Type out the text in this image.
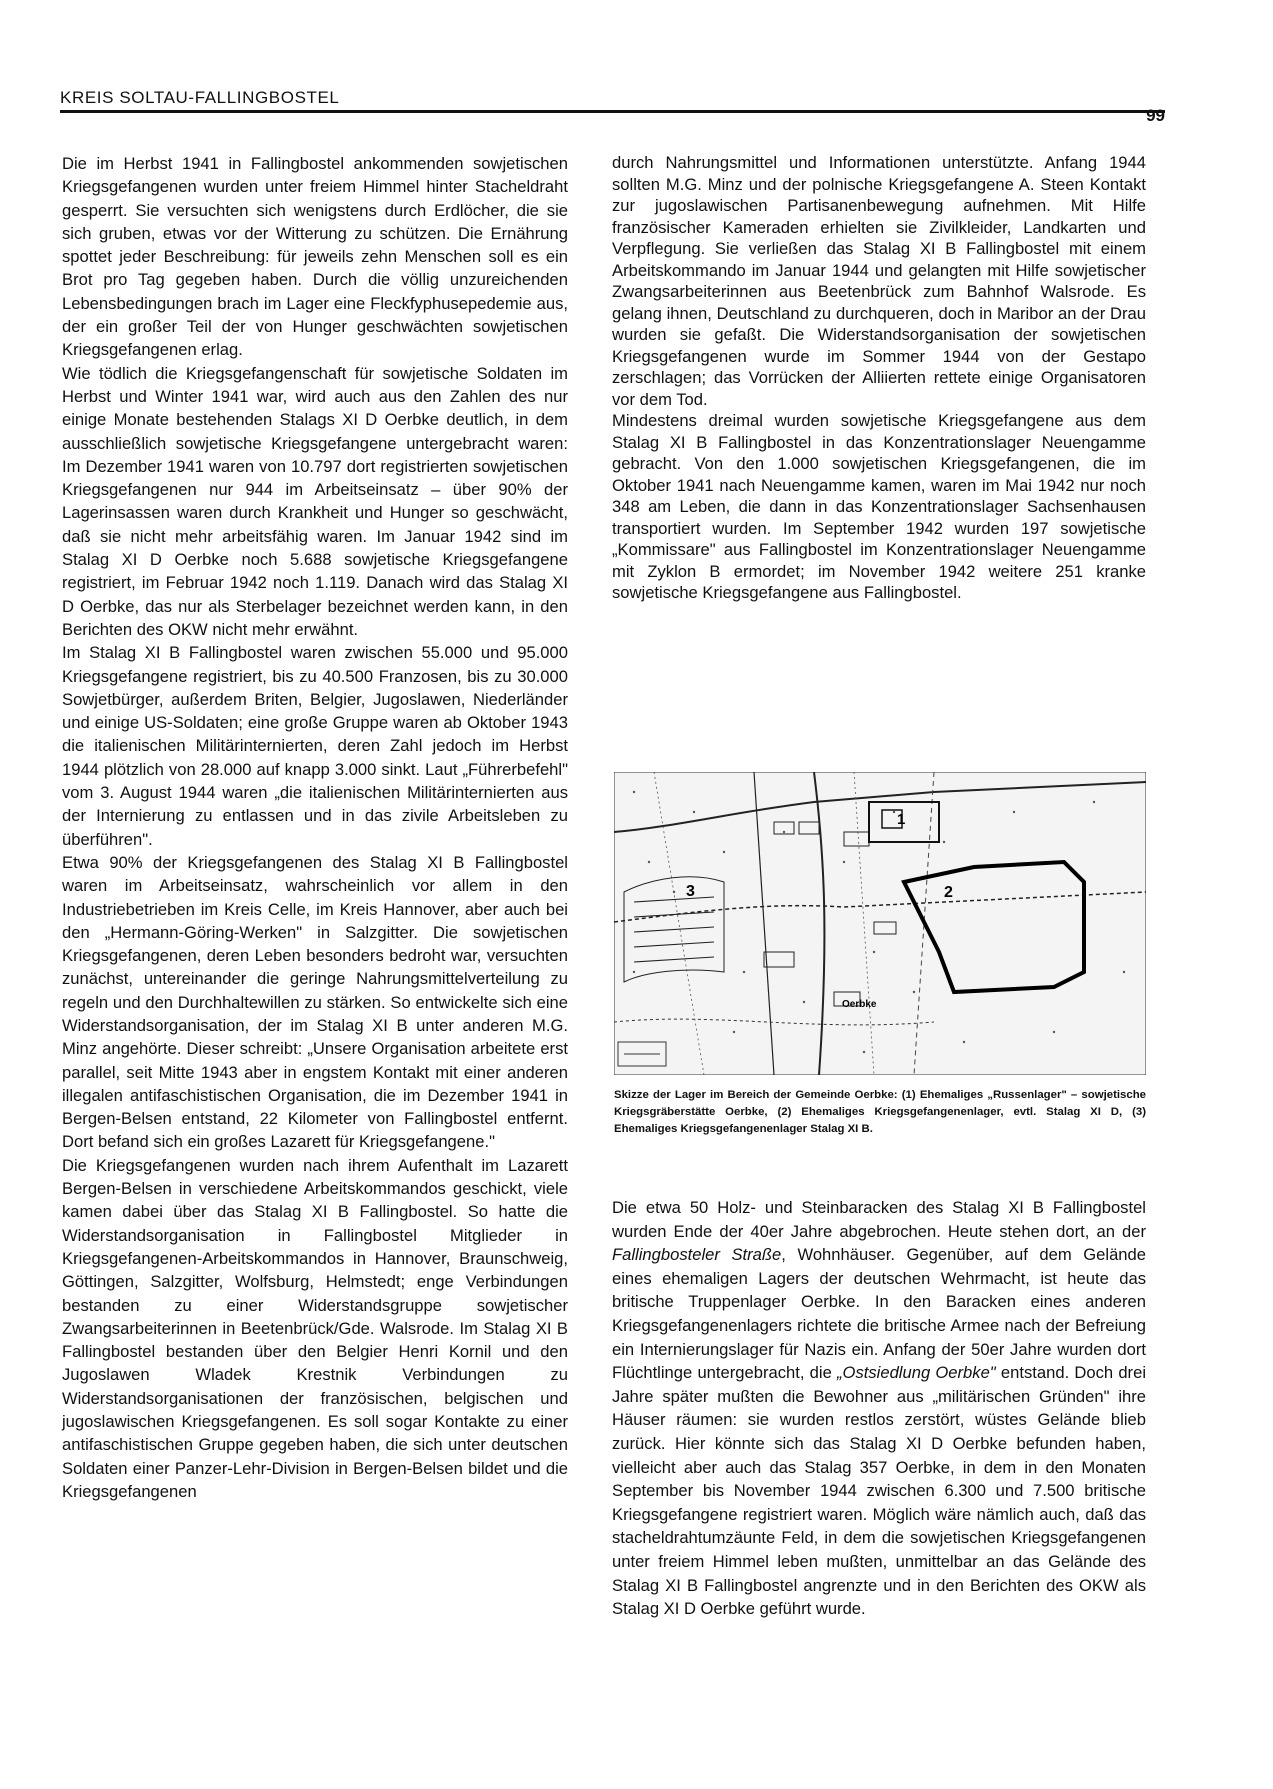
KREIS SOLTAU-FALLINGBOSTEL
99

Die im Herbst 1941 in Fallingbostel ankommenden sowjetischen Kriegsgefangenen wurden unter freiem Himmel hinter Stacheldraht gesperrt. Sie versuchten sich wenigstens durch Erdlöcher, die sie sich gruben, etwas vor der Witterung zu schützen. Die Ernährung spottet jeder Beschreibung: für jeweils zehn Menschen soll es ein Brot pro Tag gegeben haben. Durch die völlig unzureichenden Lebensbedingungen brach im Lager eine Fleckfyphusepedemie aus, der ein großer Teil der von Hunger geschwächten sowjetischen Kriegsgefangenen erlag.

Wie tödlich die Kriegsgefangenschaft für sowjetische Soldaten im Herbst und Winter 1941 war, wird auch aus den Zahlen des nur einige Monate bestehenden Stalags XI D Oerbke deutlich, in dem ausschließlich sowjetische Kriegsgefangene untergebracht waren: Im Dezember 1941 waren von 10.797 dort registrierten sowjetischen Kriegsgefangenen nur 944 im Arbeitseinsatz – über 90% der Lagerinsassen waren durch Krankheit und Hunger so geschwächt, daß sie nicht mehr arbeitsfähig waren. Im Januar 1942 sind im Stalag XI D Oerbke noch 5.688 sowjetische Kriegsgefangene registriert, im Februar 1942 noch 1.119. Danach wird das Stalag XI D Oerbke, das nur als Sterbelager bezeichnet werden kann, in den Berichten des OKW nicht mehr erwähnt.

Im Stalag XI B Fallingbostel waren zwischen 55.000 und 95.000 Kriegsgefangene registriert, bis zu 40.500 Franzosen, bis zu 30.000 Sowjetbürger, außerdem Briten, Belgier, Jugoslawen, Niederländer und einige US-Soldaten; eine große Gruppe waren ab Oktober 1943 die italienischen Militärinternierten, deren Zahl jedoch im Herbst 1944 plötzlich von 28.000 auf knapp 3.000 sinkt. Laut „Führerbefehl" vom 3. August 1944 waren „die italienischen Militärinternierten aus der Internierung zu entlassen und in das zivile Arbeitsleben zu überführen".

Etwa 90% der Kriegsgefangenen des Stalag XI B Fallingbostel waren im Arbeitseinsatz, wahrscheinlich vor allem in den Industriebetrieben im Kreis Celle, im Kreis Hannover, aber auch bei den „Hermann-Göring-Werken" in Salzgitter. Die sowjetischen Kriegsgefangenen, deren Leben besonders bedroht war, versuchten zunächst, untereinander die geringe Nahrungsmittelverteilung zu regeln und den Durchhaltewillen zu stärken. So entwickelte sich eine Widerstandsorganisation, der im Stalag XI B unter anderen M.G. Minz angehörte. Dieser schreibt: „Unsere Organisation arbeitete erst parallel, seit Mitte 1943 aber in engstem Kontakt mit einer anderen illegalen antifaschistischen Organisation, die im Dezember 1941 in Bergen-Belsen entstand, 22 Kilometer von Fallingbostel entfernt. Dort befand sich ein großes Lazarett für Kriegsgefangene."

Die Kriegsgefangenen wurden nach ihrem Aufenthalt im Lazarett Bergen-Belsen in verschiedene Arbeitskommandos geschickt, viele kamen dabei über das Stalag XI B Fallingbostel. So hatte die Widerstandsorganisation in Fallingbostel Mitglieder in Kriegsgefangenen-Arbeitskommandos in Hannover, Braunschweig, Göttingen, Salzgitter, Wolfsburg, Helmstedt; enge Verbindungen bestanden zu einer Widerstandsgruppe sowjetischer Zwangsarbeiterinnen in Beetenbrück/Gde. Walsrode. Im Stalag XI B Fallingbostel bestanden über den Belgier Henri Kornil und den Jugoslawen Wladek Krestnik Verbindungen zu Widerstandsorganisationen der französischen, belgischen und jugoslawischen Kriegsgefangenen. Es soll sogar Kontakte zu einer antifaschistischen Gruppe gegeben haben, die sich unter deutschen Soldaten einer Panzer-Lehr-Division in Bergen-Belsen bildet und die Kriegsgefangenen

durch Nahrungsmittel und Informationen unterstützte. Anfang 1944 sollten M.G. Minz und der polnische Kriegsgefangene A. Steen Kontakt zur jugoslawischen Partisanenbewegung aufnehmen. Mit Hilfe französischer Kameraden erhielten sie Zivilkleider, Landkarten und Verpflegung. Sie verließen das Stalag XI B Fallingbostel mit einem Arbeitskommando im Januar 1944 und gelangten mit Hilfe sowjetischer Zwangsarbeiterinnen aus Beetenbrück zum Bahnhof Walsrode. Es gelang ihnen, Deutschland zu durchqueren, doch in Maribor an der Drau wurden sie gefaßt. Die Widerstandsorganisation der sowjetischen Kriegsgefangenen wurde im Sommer 1944 von der Gestapo zerschlagen; das Vorrücken der Alliierten rettete einige Organisatoren vor dem Tod.

Mindestens dreimal wurden sowjetische Kriegsgefangene aus dem Stalag XI B Fallingbostel in das Konzentrationslager Neuengamme gebracht. Von den 1.000 sowjetischen Kriegsgefangenen, die im Oktober 1941 nach Neuengamme kamen, waren im Mai 1942 nur noch 348 am Leben, die dann in das Konzentrationslager Sachsenhausen transportiert wurden. Im September 1942 wurden 197 sowjetische „Kommissare" aus Fallingbostel im Konzentrationslager Neuengamme mit Zyklon B ermordet; im November 1942 weitere 251 kranke sowjetische Kriegsgefangene aus Fallingbostel.

1
2
3
Oerbke
Skizze der Lager im Bereich der Gemeinde Oerbke: (1) Ehemaliges „Russenlager" – sowjetische Kriegsgräberstätte Oerbke, (2) Ehemaliges Kriegsgefangenenlager, evtl. Stalag XI D, (3) Ehemaliges Kriegsgefangenenlager Stalag XI B.

Die etwa 50 Holz- und Steinbaracken des Stalag XI B Fallingbostel wurden Ende der 40er Jahre abgebrochen. Heute stehen dort, an der Fallingbosteler Straße, Wohnhäuser. Gegenüber, auf dem Gelände eines ehemaligen Lagers der deutschen Wehrmacht, ist heute das britische Truppenlager Oerbke. In den Baracken eines anderen Kriegsgefangenenlagers richtete die britische Armee nach der Befreiung ein Internierungslager für Nazis ein. Anfang der 50er Jahre wurden dort Flüchtlinge untergebracht, die „Ostsiedlung Oerbke" entstand. Doch drei Jahre später mußten die Bewohner aus „militärischen Gründen" ihre Häuser räumen: sie wurden restlos zerstört, wüstes Gelände blieb zurück. Hier könnte sich das Stalag XI D Oerbke befunden haben, vielleicht aber auch das Stalag 357 Oerbke, in dem in den Monaten September bis November 1944 zwischen 6.300 und 7.500 britische Kriegsgefangene registriert waren. Möglich wäre nämlich auch, daß das stacheldrahtumzäunte Feld, in dem die sowjetischen Kriegsgefangenen unter freiem Himmel leben mußten, unmittelbar an das Gelände des Stalag XI B Fallingbostel angrenzte und in den Berichten des OKW als Stalag XI D Oerbke geführt wurde.
